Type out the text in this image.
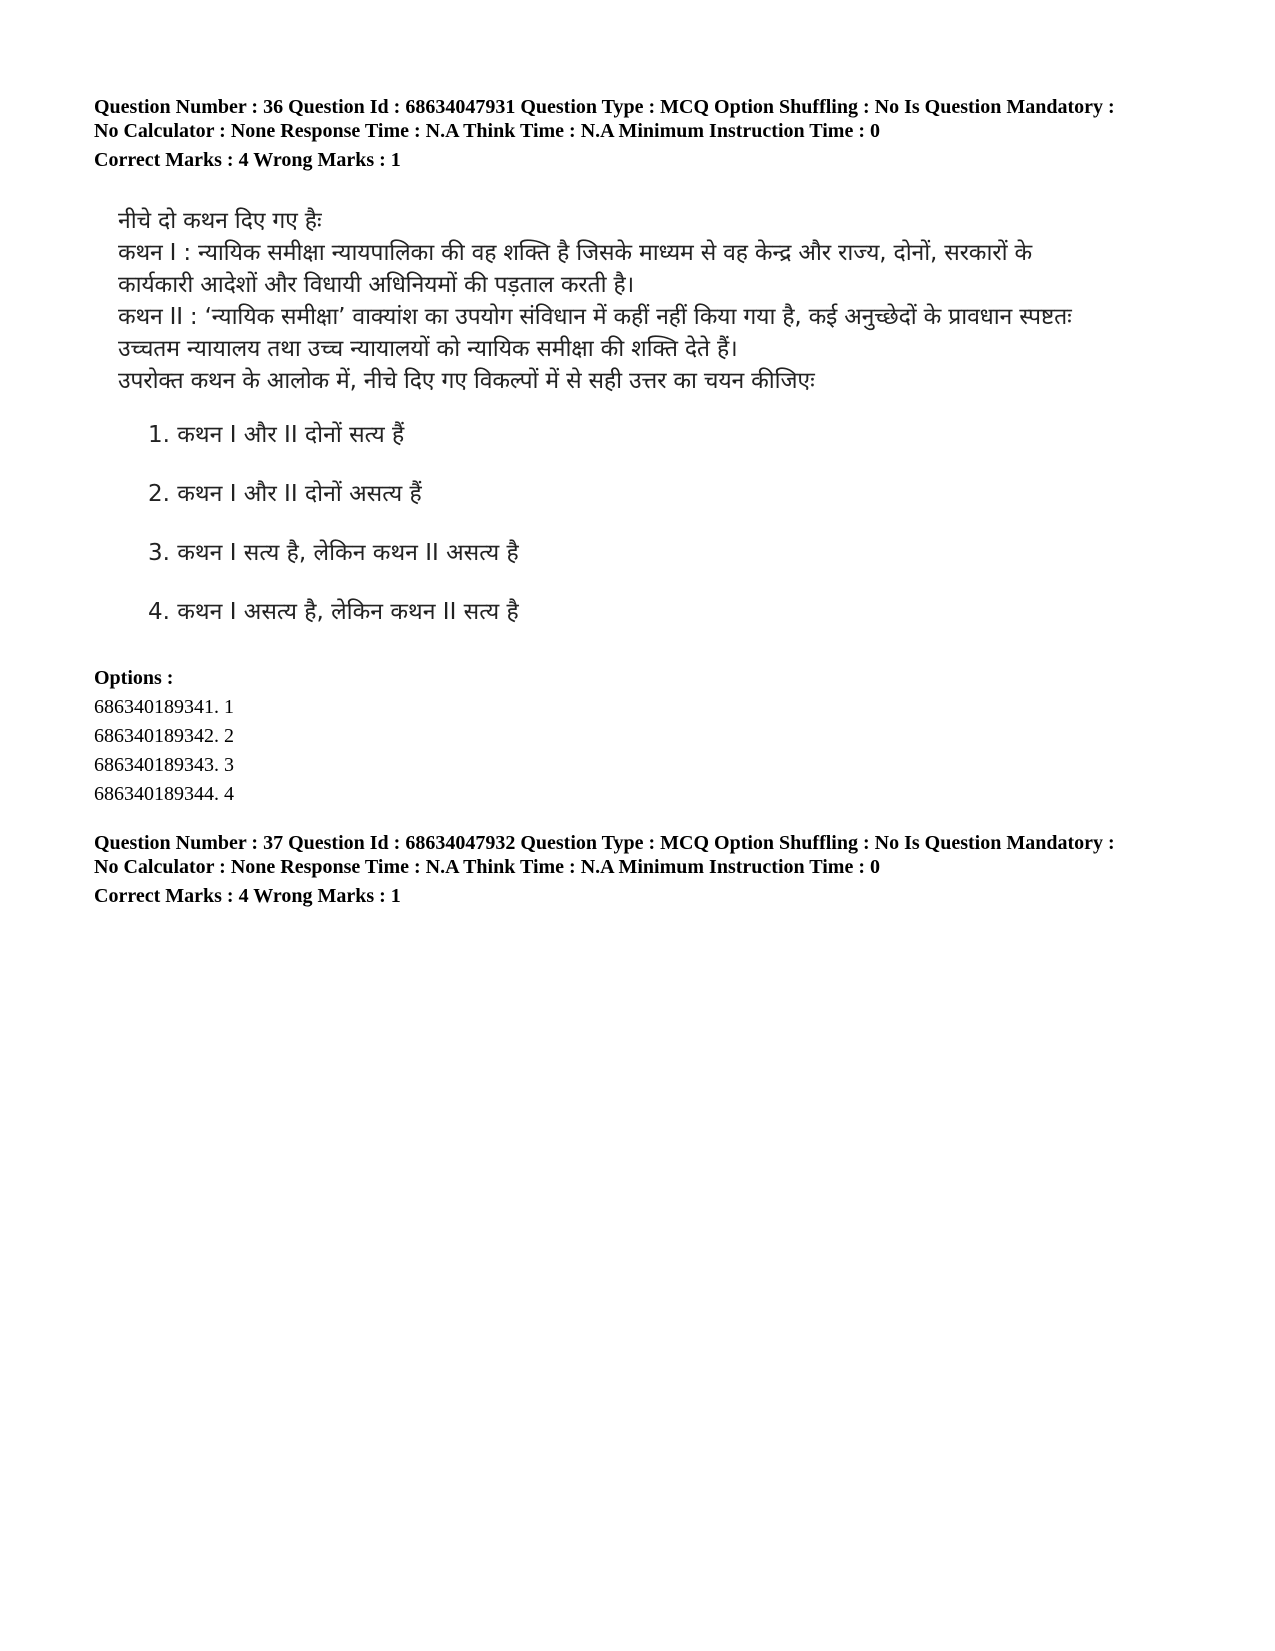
Question Number : 36 Question Id : 68634047931 Question Type : MCQ Option Shuffling : No Is Question Mandatory :
No Calculator : None Response Time : N.A Think Time : N.A Minimum Instruction Time : 0
Correct Marks : 4 Wrong Marks : 1
नीचे दो कथन दिए गए हैः
कथन I : न्यायिक समीक्षा न्यायपालिका की वह शक्ति है जिसके माध्यम से वह केन्द्र और राज्य, दोनों, सरकारों के
कार्यकारी आदेशों और विधायी अधिनियमों की पड़ताल करती है।
कथन II : ‘न्यायिक समीक्षा’ वाक्यांश का उपयोग संविधान में कहीं नहीं किया गया है, कई अनुच्छेदों के प्रावधान स्पष्टतः
उच्चतम न्यायालय तथा उच्च न्यायालयों को न्यायिक समीक्षा की शक्ति देते हैं।
उपरोक्त कथन के आलोक में, नीचे दिए गए विकल्पों में से सही उत्तर का चयन कीजिएः
1. कथन I और II दोनों सत्य हैं
2. कथन I और II दोनों असत्य हैं
3. कथन I सत्य है, लेकिन कथन II असत्य है
4. कथन I असत्य है, लेकिन कथन II सत्य है
Options :
686340189341. 1
686340189342. 2
686340189343. 3
686340189344. 4
Question Number : 37 Question Id : 68634047932 Question Type : MCQ Option Shuffling : No Is Question Mandatory :
No Calculator : None Response Time : N.A Think Time : N.A Minimum Instruction Time : 0
Correct Marks : 4 Wrong Marks : 1
